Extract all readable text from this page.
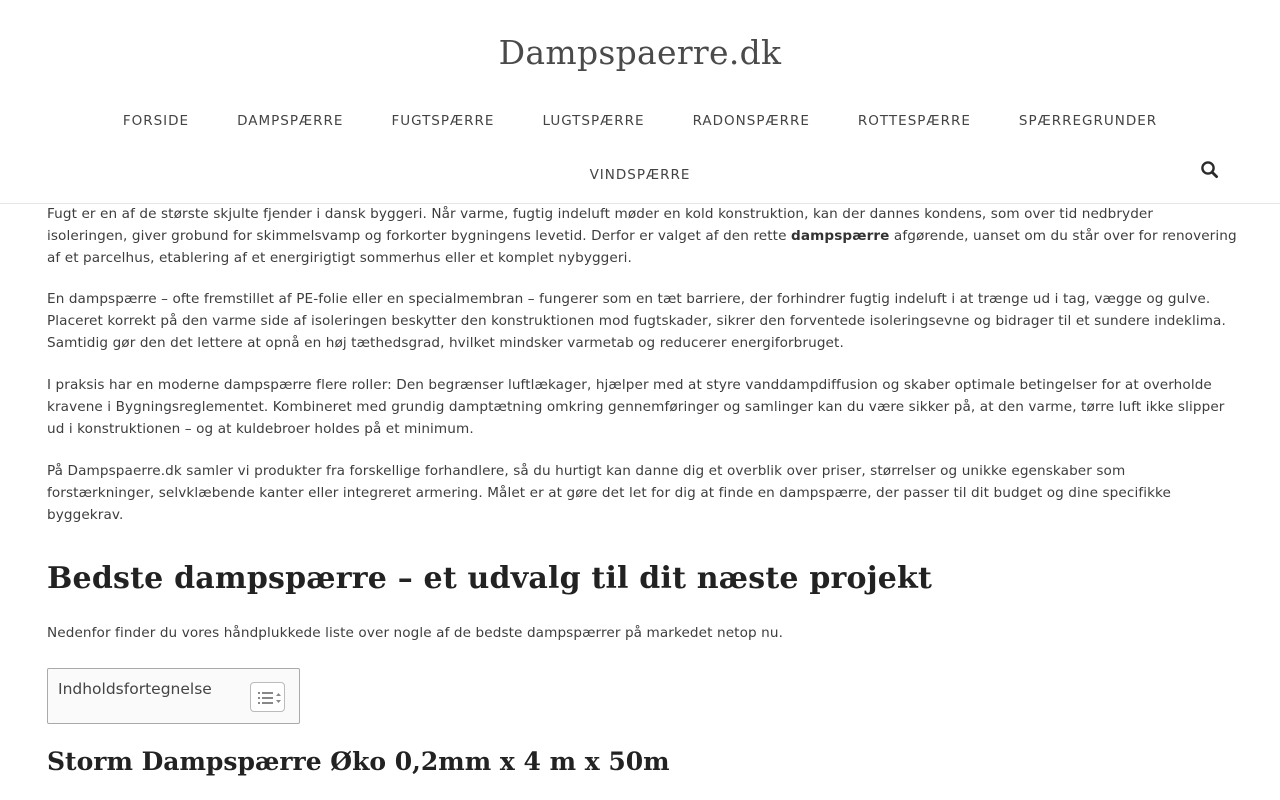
Dampspaerre.dk
FORSIDE	DAMPSPÆRRE	FUGTSPÆRRE	LUGTSPÆRRE	RADONSPÆRRE	ROTTESPÆRRE	SPÆRREGRUNDER
VINDSPÆRRE

Fugt er en af de største skjulte fjender i dansk byggeri. Når varme, fugtig indeluft møder en kold konstruktion, kan der dannes kondens, som over tid nedbryder isoleringen, giver grobund for skimmelsvamp og forkorter bygningens levetid. Derfor er valget af den rette dampspærre afgørende, uanset om du står over for renovering af et parcelhus, etablering af et energirigtigt sommerhus eller et komplet nybyggeri.

En dampspærre – ofte fremstillet af PE-folie eller en specialmembran – fungerer som en tæt barriere, der forhindrer fugtig indeluft i at trænge ud i tag, vægge og gulve. Placeret korrekt på den varme side af isoleringen beskytter den konstruktionen mod fugtskader, sikrer den forventede isoleringsevne og bidrager til et sundere indeklima. Samtidig gør den det lettere at opnå en høj tæthedsgrad, hvilket mindsker varmetab og reducerer energiforbruget.

I praksis har en moderne dampspærre flere roller: Den begrænser luftlækager, hjælper med at styre vanddampdiffusion og skaber optimale betingelser for at overholde kravene i Bygningsreglementet. Kombineret med grundig damptætning omkring gennemføringer og samlinger kan du være sikker på, at den varme, tørre luft ikke slipper ud i konstruktionen – og at kuldebroer holdes på et minimum.

På Dampspaerre.dk samler vi produkter fra forskellige forhandlere, så du hurtigt kan danne dig et overblik over priser, størrelser og unikke egenskaber som forstærkninger, selvklæbende kanter eller integreret armering. Målet er at gøre det let for dig at finde en dampspærre, der passer til dit budget og dine specifikke byggekrav.

Bedste dampspærre – et udvalg til dit næste projekt

Nedenfor finder du vores håndplukkede liste over nogle af de bedste dampspærrer på markedet netop nu.

Indholdsfortegnelse
Storm Dampspærre Øko 0,2mm x 4 m x 50m
